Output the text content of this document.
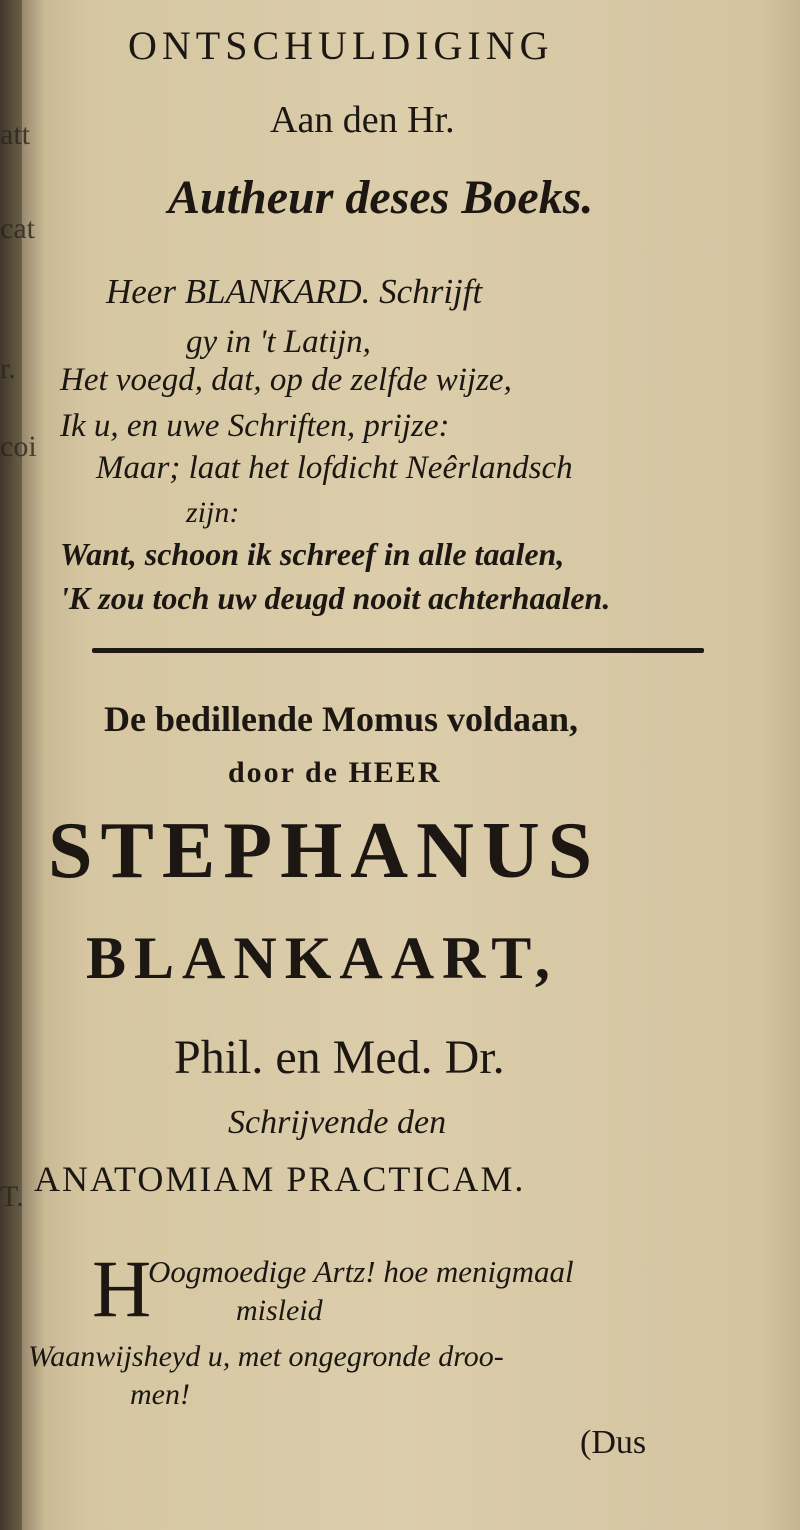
att
cat
r.
coi
T.
ONTSCHULDIGING
Aan den Hr.
Autheur deses Boeks.
Heer BLANKARD. Schrijft
gy in 't Latijn,
Het voegd, dat, op de zelfde wijze,
Ik u, en uwe Schriften, prijze:
Maar; laat het lofdicht Neêrlandsch
zijn:
Want, schoon ik schreef in alle taalen,
'K zou toch uw deugd nooit achterhaalen.
De bedillende Momus voldaan,
door de HEER
STEPHANUS
BLANKAART,
Phil. en Med. Dr.
Schrijvende den
ANATOMIAM PRACTICAM.
H
Oogmoedige Artz! hoe menigmaal
misleid
Waanwijsheyd u, met ongegronde droo-
men!
(Dus
